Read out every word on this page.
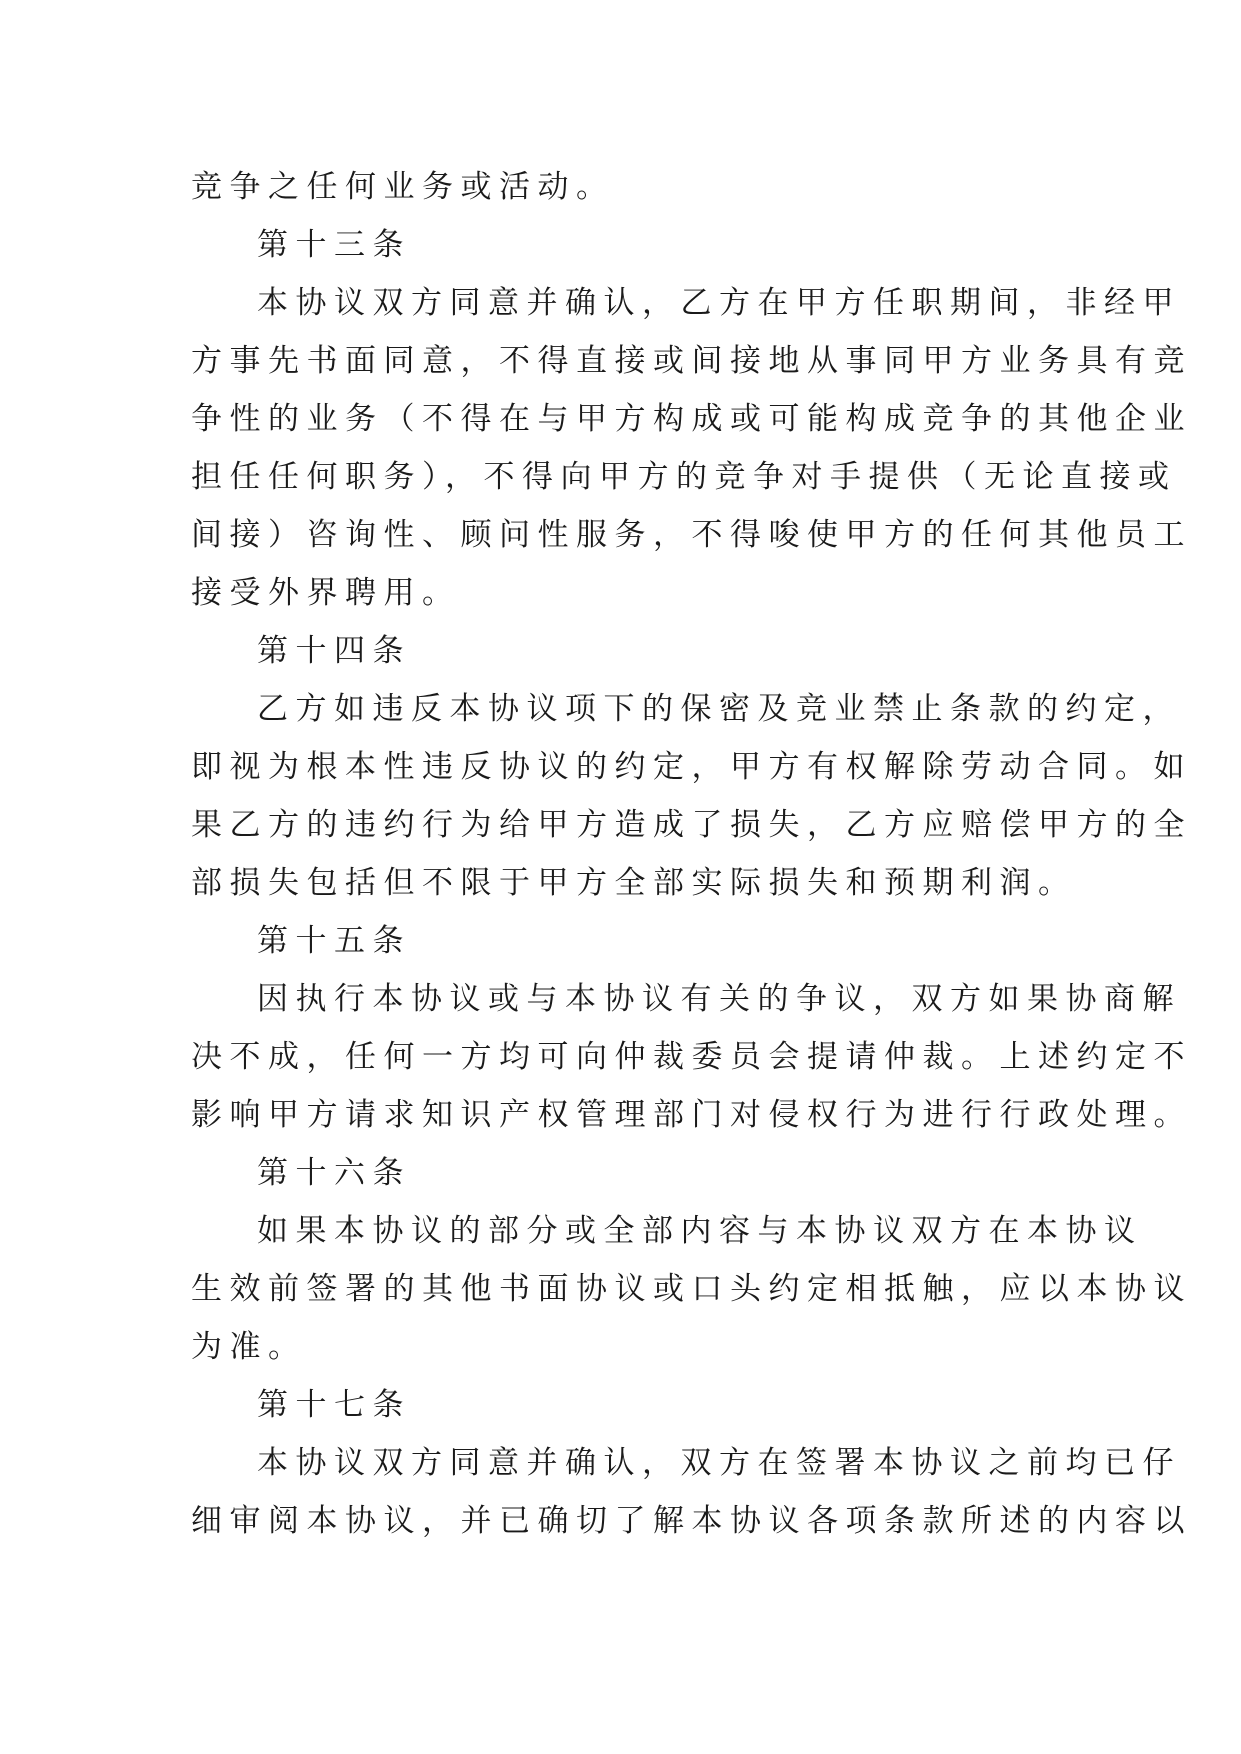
竞争之任何业务或活动。
第十三条
本协议双方同意并确认，乙方在甲方任职期间，非经甲
方事先书面同意，不得直接或间接地从事同甲方业务具有竞
争性的业务（不得在与甲方构成或可能构成竞争的其他企业
担任任何职务），不得向甲方的竞争对手提供（无论直接或
间接）咨询性、顾问性服务，不得唆使甲方的任何其他员工
接受外界聘用。
第十四条
乙方如违反本协议项下的保密及竞业禁止条款的约定，
即视为根本性违反协议的约定，甲方有权解除劳动合同。如
果乙方的违约行为给甲方造成了损失，乙方应赔偿甲方的全
部损失包括但不限于甲方全部实际损失和预期利润。
第十五条
因执行本协议或与本协议有关的争议，双方如果协商解
决不成，任何一方均可向仲裁委员会提请仲裁。上述约定不
影响甲方请求知识产权管理部门对侵权行为进行行政处理。
第十六条
如果本协议的部分或全部内容与本协议双方在本协议
生效前签署的其他书面协议或口头约定相抵触，应以本协议
为准。
第十七条
本协议双方同意并确认，双方在签署本协议之前均已仔
细审阅本协议，并已确切了解本协议各项条款所述的内容以
